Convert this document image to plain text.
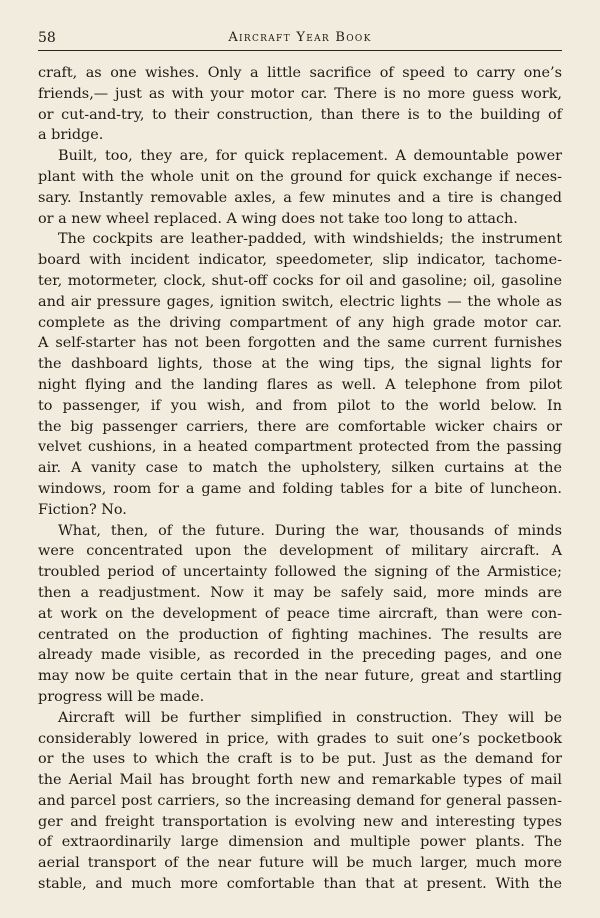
58	Aircraft Year Book
craft, as one wishes. Only a little sacrifice of speed to carry one’s
friends,— just as with your motor car. There is no more guess work,
or cut-and-try, to their construction, than there is to the building of
a bridge.
Built, too, they are, for quick replacement. A demountable power
plant with the whole unit on the ground for quick exchange if neces-
sary. Instantly removable axles, a few minutes and a tire is changed
or a new wheel replaced. A wing does not take too long to attach.
The cockpits are leather-padded, with windshields; the instrument
board with incident indicator, speedometer, slip indicator, tachome-
ter, motormeter, clock, shut-off cocks for oil and gasoline; oil, gasoline
and air pressure gages, ignition switch, electric lights — the whole as
complete as the driving compartment of any high grade motor car.
A self-starter has not been forgotten and the same current furnishes
the dashboard lights, those at the wing tips, the signal lights for
night flying and the landing flares as well. A telephone from pilot
to passenger, if you wish, and from pilot to the world below. In
the big passenger carriers, there are comfortable wicker chairs or
velvet cushions, in a heated compartment protected from the passing
air. A vanity case to match the upholstery, silken curtains at the
windows, room for a game and folding tables for a bite of luncheon.
Fiction? No.
What, then, of the future. During the war, thousands of minds
were concentrated upon the development of military aircraft. A
troubled period of uncertainty followed the signing of the Armistice;
then a readjustment. Now it may be safely said, more minds are
at work on the development of peace time aircraft, than were con-
centrated on the production of fighting machines. The results are
already made visible, as recorded in the preceding pages, and one
may now be quite certain that in the near future, great and startling
progress will be made.
Aircraft will be further simplified in construction. They will be
considerably lowered in price, with grades to suit one’s pocketbook
or the uses to which the craft is to be put. Just as the demand for
the Aerial Mail has brought forth new and remarkable types of mail
and parcel post carriers, so the increasing demand for general passen-
ger and freight transportation is evolving new and interesting types
of extraordinarily large dimension and multiple power plants. The
aerial transport of the near future will be much larger, much more
stable, and much more comfortable than that at present. With the
